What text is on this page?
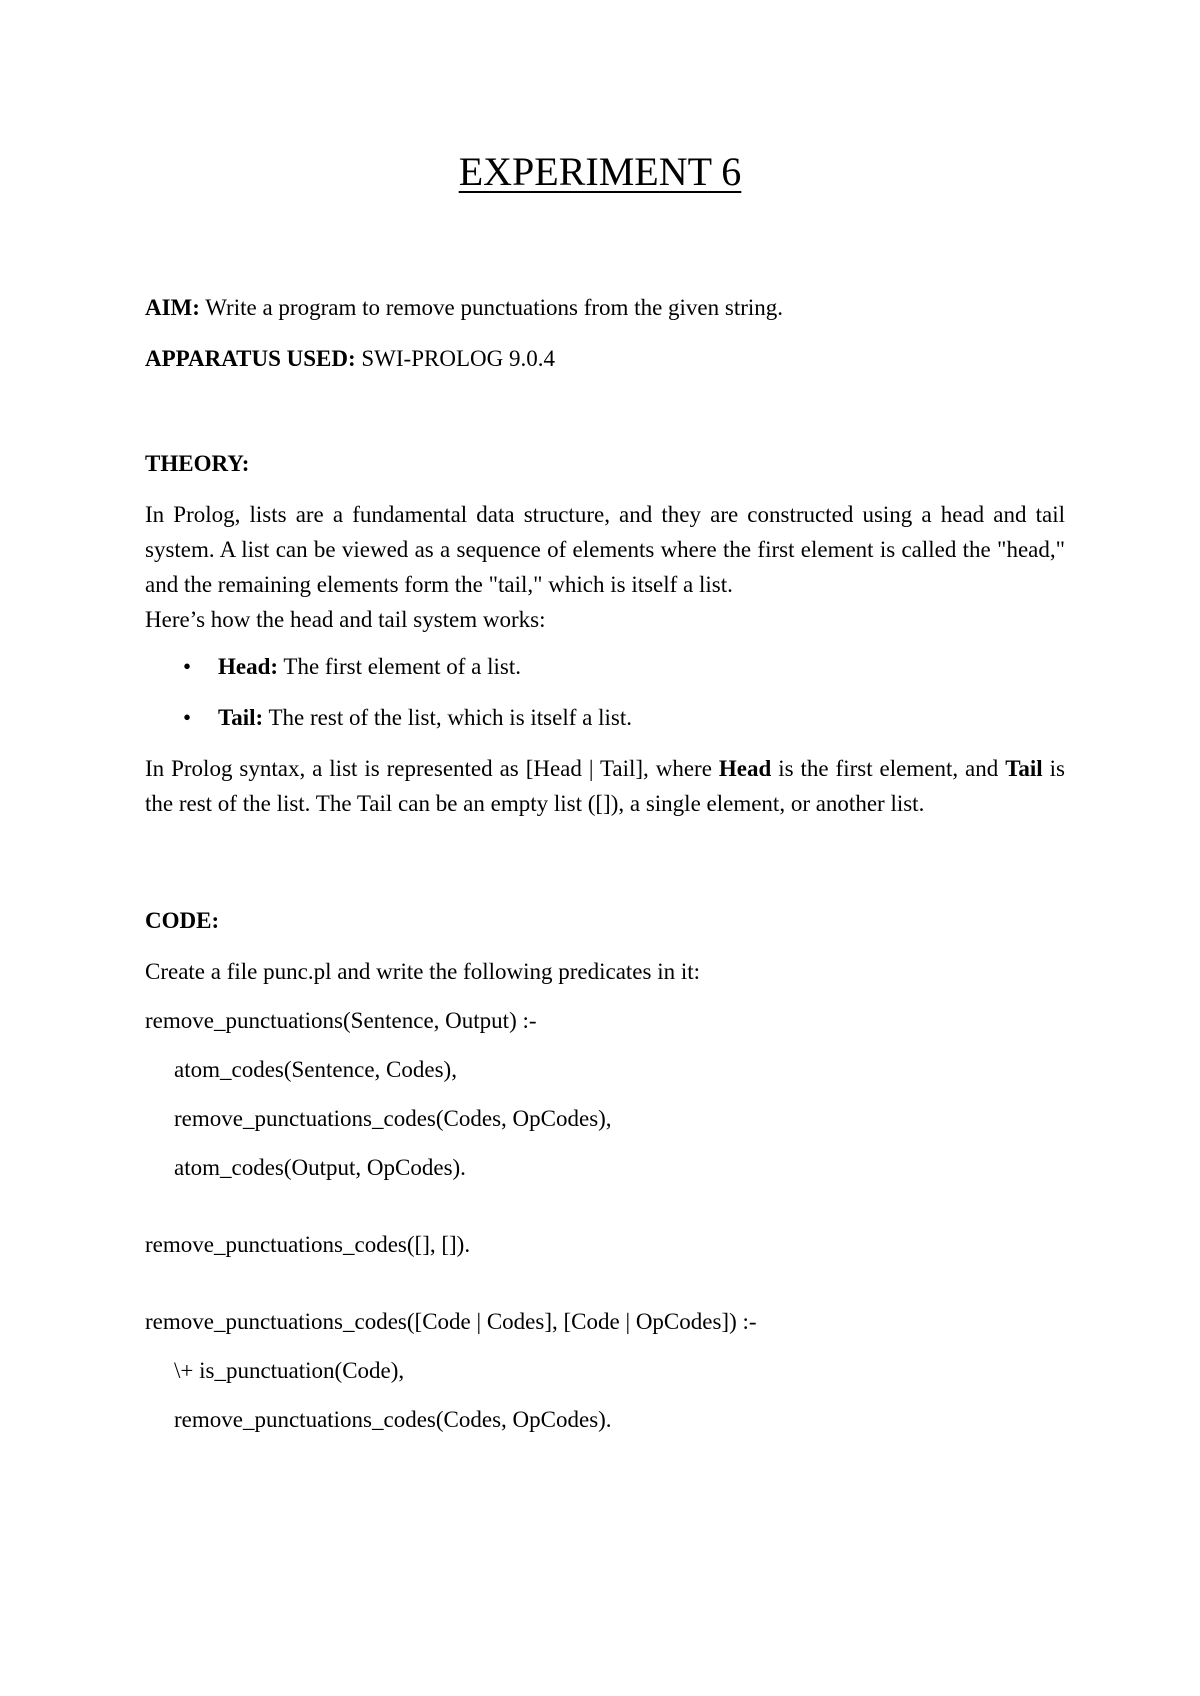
EXPERIMENT 6

AIM: Write a program to remove punctuations from the given string.

APPARATUS USED: SWI-PROLOG 9.0.4

THEORY:

In Prolog, lists are a fundamental data structure, and they are constructed using a head and tail system. A list can be viewed as a sequence of elements where the first element is called the "head," and the remaining elements form the "tail," which is itself a list.

Here’s how the head and tail system works:

• Head: The first element of a list.
• Tail: The rest of the list, which is itself a list.

In Prolog syntax, a list is represented as [Head | Tail], where Head is the first element, and Tail is the rest of the list. The Tail can be an empty list ([]), a single element, or another list.

CODE:

Create a file punc.pl and write the following predicates in it:

remove_punctuations(Sentence, Output) :-

atom_codes(Sentence, Codes),

remove_punctuations_codes(Codes, OpCodes),

atom_codes(Output, OpCodes).

remove_punctuations_codes([], []).

remove_punctuations_codes([Code | Codes], [Code | OpCodes]) :-

\+ is_punctuation(Code),

remove_punctuations_codes(Codes, OpCodes).
